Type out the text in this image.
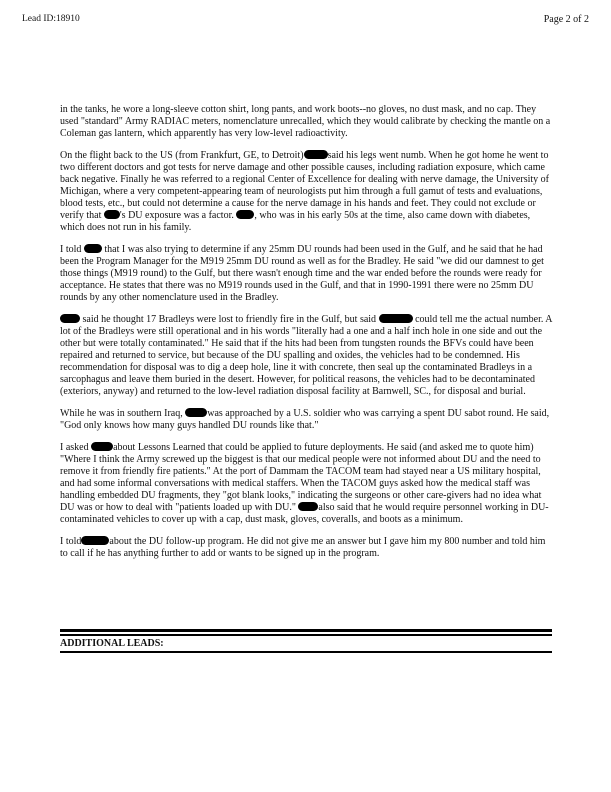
Lead ID:18910	Page 2 of 2

in the tanks, he wore a long-sleeve cotton shirt, long pants, and work boots--no gloves, no dust mask, and no cap. They used "standard" Army RADIAC meters, nomenclature unrecalled, which they would calibrate by checking the mantle on a Coleman gas lantern, which apparently has very low-level radioactivity.

On the flight back to the US (from Frankfurt, GE, to Detroit) said his legs went numb. When he got home he went to two different doctors and got tests for nerve damage and other possible causes, including radiation exposure, which came back negative. Finally he was referred to a regional Center of Excellence for dealing with nerve damage, the University of Michigan, where a very competent-appearing team of neurologists put him through a full gamut of tests and evaluations, blood tests, etc., but could not determine a cause for the nerve damage in his hands and feet. They could not exclude or verify that 's DU exposure was a factor. , who was in his early 50s at the time, also came down with diabetes, which does not run in his family.

I told that I was also trying to determine if any 25mm DU rounds had been used in the Gulf, and he said that he had been the Program Manager for the M919 25mm DU round as well as for the Bradley. He said "we did our damnest to get those things (M919 round) to the Gulf, but there wasn't enough time and the war ended before the rounds were ready for acceptance. He states that there was no M919 rounds used in the Gulf, and that in 1990-1991 there were no 25mm DU rounds by any other nomenclature used in the Bradley.

said he thought 17 Bradleys were lost to friendly fire in the Gulf, but said	could tell me the actual number. A lot of the Bradleys were still operational and in his words "literally had a one and a half inch hole in one side and out the other but were totally contaminated." He said that if the hits had been from tungsten rounds the BFVs could have been repaired and returned to service, but because of the DU spalling and oxides, the vehicles had to be condemned. His recommendation for disposal was to dig a deep hole, line it with concrete, then seal up the contaminated Bradleys in a sarcophagus and leave them buried in the desert. However, for political reasons, the vehicles had to be decontaminated (exteriors, anyway) and returned to the low-level radiation disposal facility at Barnwell, SC., for disposal and burial.

While he was in southern Iraq, was approached by a U.S. soldier who was carrying a spent DU sabot round. He said, "God only knows how many guys handled DU rounds like that."

I asked about Lessons Learned that could be applied to future deployments. He said (and asked me to quote him) "Where I think the Army screwed up the biggest is that our medical people were not informed about DU and the need to remove it from friendly fire patients." At the port of Dammam the TACOM team had stayed near a US military hospital, and had some informal conversations with medical staffers. When the TACOM guys asked how the medical staff was handling embedded DU fragments, they "got blank looks," indicating the surgeons or other care-givers had no idea what DU was or how to deal with "patients loaded up with DU." also said that he would require personnel working in DU-contaminated vehicles to cover up with a cap, dust mask, gloves, coveralls, and boots as a minimum.

I told	about the DU follow-up program. He did not give me an answer but I gave him my 800 number and told him to call if he has anything further to add or wants to be signed up in the program.

ADDITIONAL LEADS:
